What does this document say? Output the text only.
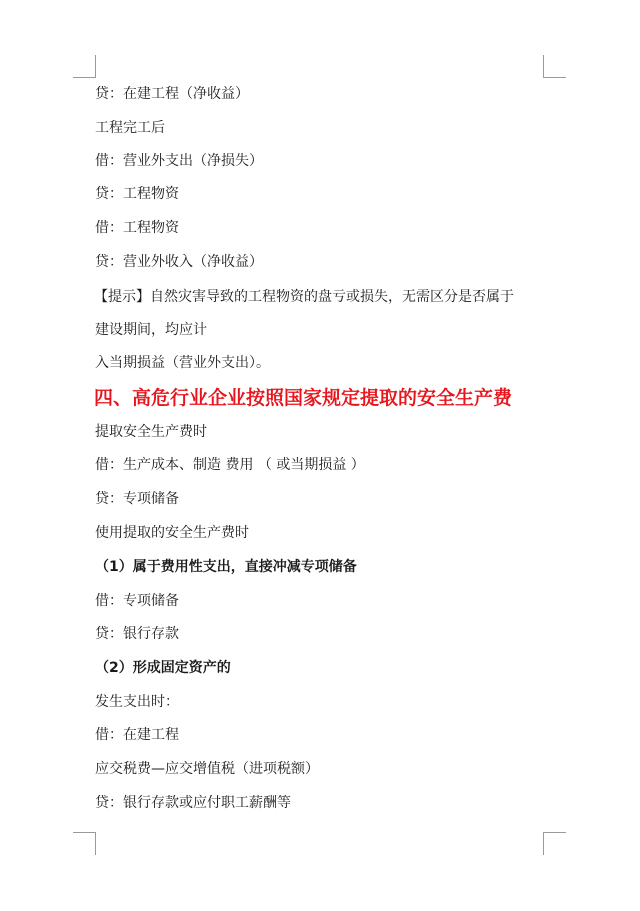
贷：在建工程（净收益）

工程完工后

借：营业外支出（净损失）

贷：工程物资

借：工程物资

贷：营业外收入（净收益）

【提示】自然灾害导致的工程物资的盘亏或损失，无需区分是否属于

建设期间，均应计

入当期损益（营业外支出）。

四、高危行业企业按照国家规定提取的安全生产费

提取安全生产费时

借：生产成本、制造 费用 （ 或当期损益 ）

贷：专项储备

使用提取的安全生产费时

（1）属于费用性支出，直接冲减专项储备

借：专项储备

贷：银行存款

（2）形成固定资产的

发生支出时：

借：在建工程

应交税费—应交增值税（进项税额）

贷：银行存款或应付职工薪酬等
